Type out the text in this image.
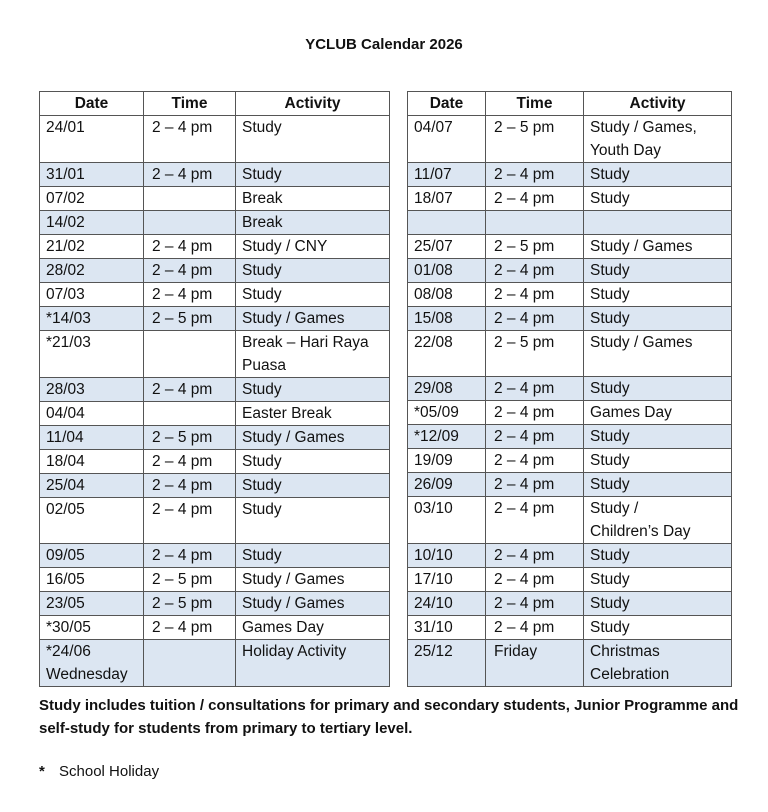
YCLUB Calendar 2026
Date	Time	Activity
24/01	2 – 4 pm	Study
31/01	2 – 4 pm	Study
07/02		Break
14/02		Break
21/02	2 – 4 pm	Study / CNY
28/02	2 – 4 pm	Study
07/03	2 – 4 pm	Study
*14/03	2 – 5 pm	Study / Games
*21/03		Break – Hari Raya
Puasa
28/03	2 – 4 pm	Study
04/04		Easter Break
11/04	2 – 5 pm	Study / Games
18/04	2 – 4 pm	Study
25/04	2 – 4 pm	Study
02/05	2 – 4 pm	Study
09/05	2 – 4 pm	Study
16/05	2 – 5 pm	Study / Games
23/05	2 – 5 pm	Study / Games
*30/05	2 – 4 pm	Games Day
*24/06
Wednesday		Holiday Activity
Date	Time	Activity
04/07	2 – 5 pm	Study / Games,
Youth Day
11/07	2 – 4 pm	Study
18/07	2 – 4 pm	Study

25/07	2 – 5 pm	Study / Games
01/08	2 – 4 pm	Study
08/08	2 – 4 pm	Study
15/08	2 – 4 pm	Study
22/08	2 – 5 pm	Study / Games
29/08	2 – 4 pm	Study
*05/09	2 – 4 pm	Games Day
*12/09	2 – 4 pm	Study
19/09	2 – 4 pm	Study
26/09	2 – 4 pm	Study
03/10	2 – 4 pm	Study /
Children’s Day
10/10	2 – 4 pm	Study
17/10	2 – 4 pm	Study
24/10	2 – 4 pm	Study
31/10	2 – 4 pm	Study
25/12	Friday	Christmas
Celebration
Study includes tuition / consultations for primary and secondary students, Junior Programme and self-study for students from primary to tertiary level.
* School Holiday
